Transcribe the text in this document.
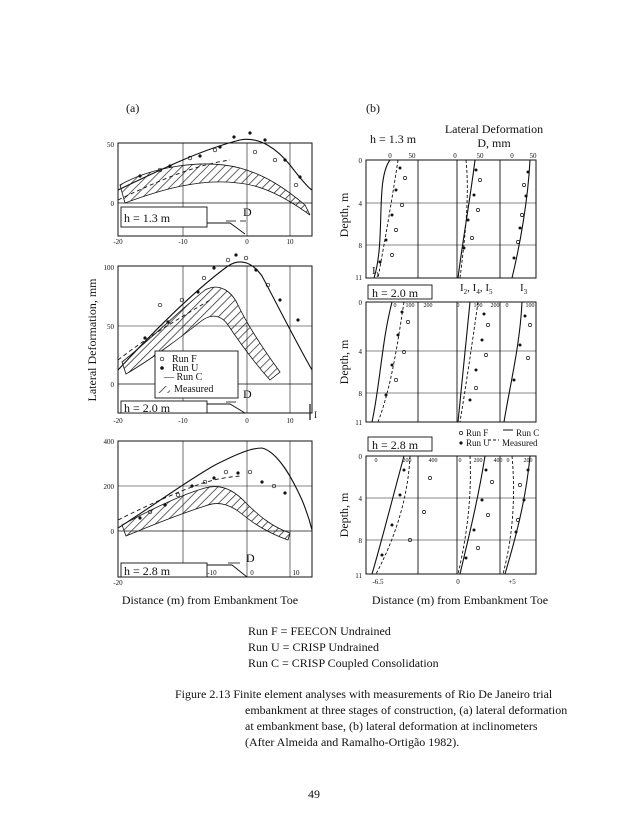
(a)	(b)
Lateral Deformation, mm
h = 1.3 m	D
50
0
-20	-10	0	10
Run F
Run U
— Run C
Measured
h = 2.0 m
D
I
100
50
0
-20	-10	0	10
h = 2.8 m
D
400
200
0
-20
-10	0	10
Distance (m) from Embankment Toe
Lateral Deformation
D, mm
h = 1.3 m
0
4
8
11
0 50	0	50	0 50
$I_1$
$I_2$, $I_4$, $I_5$ $I_3$
Depth, m
h = 2.0 m
0
4
8
11
0 100 200	0 100 200 0	100
Depth, m
Run F	Run C
Run U Measured
h = 2.8 m
0
4
8
11
0	200	400	0 200 400 0 200
-6.5	0	+5
Depth, m
Distance (m) from Embankment Toe
Run F = FEECON Undrained
Run U = CRISP Undrained
Run C = CRISP Coupled Consolidation
Figure 2.13 Finite element analyses with measurements of Rio De Janeiro trial
embankment at three stages of construction, (a) lateral deformation
at embankment base, (b) lateral deformation at inclinometers
(After Almeida and Ramalho-Ortigão 1982).
49
